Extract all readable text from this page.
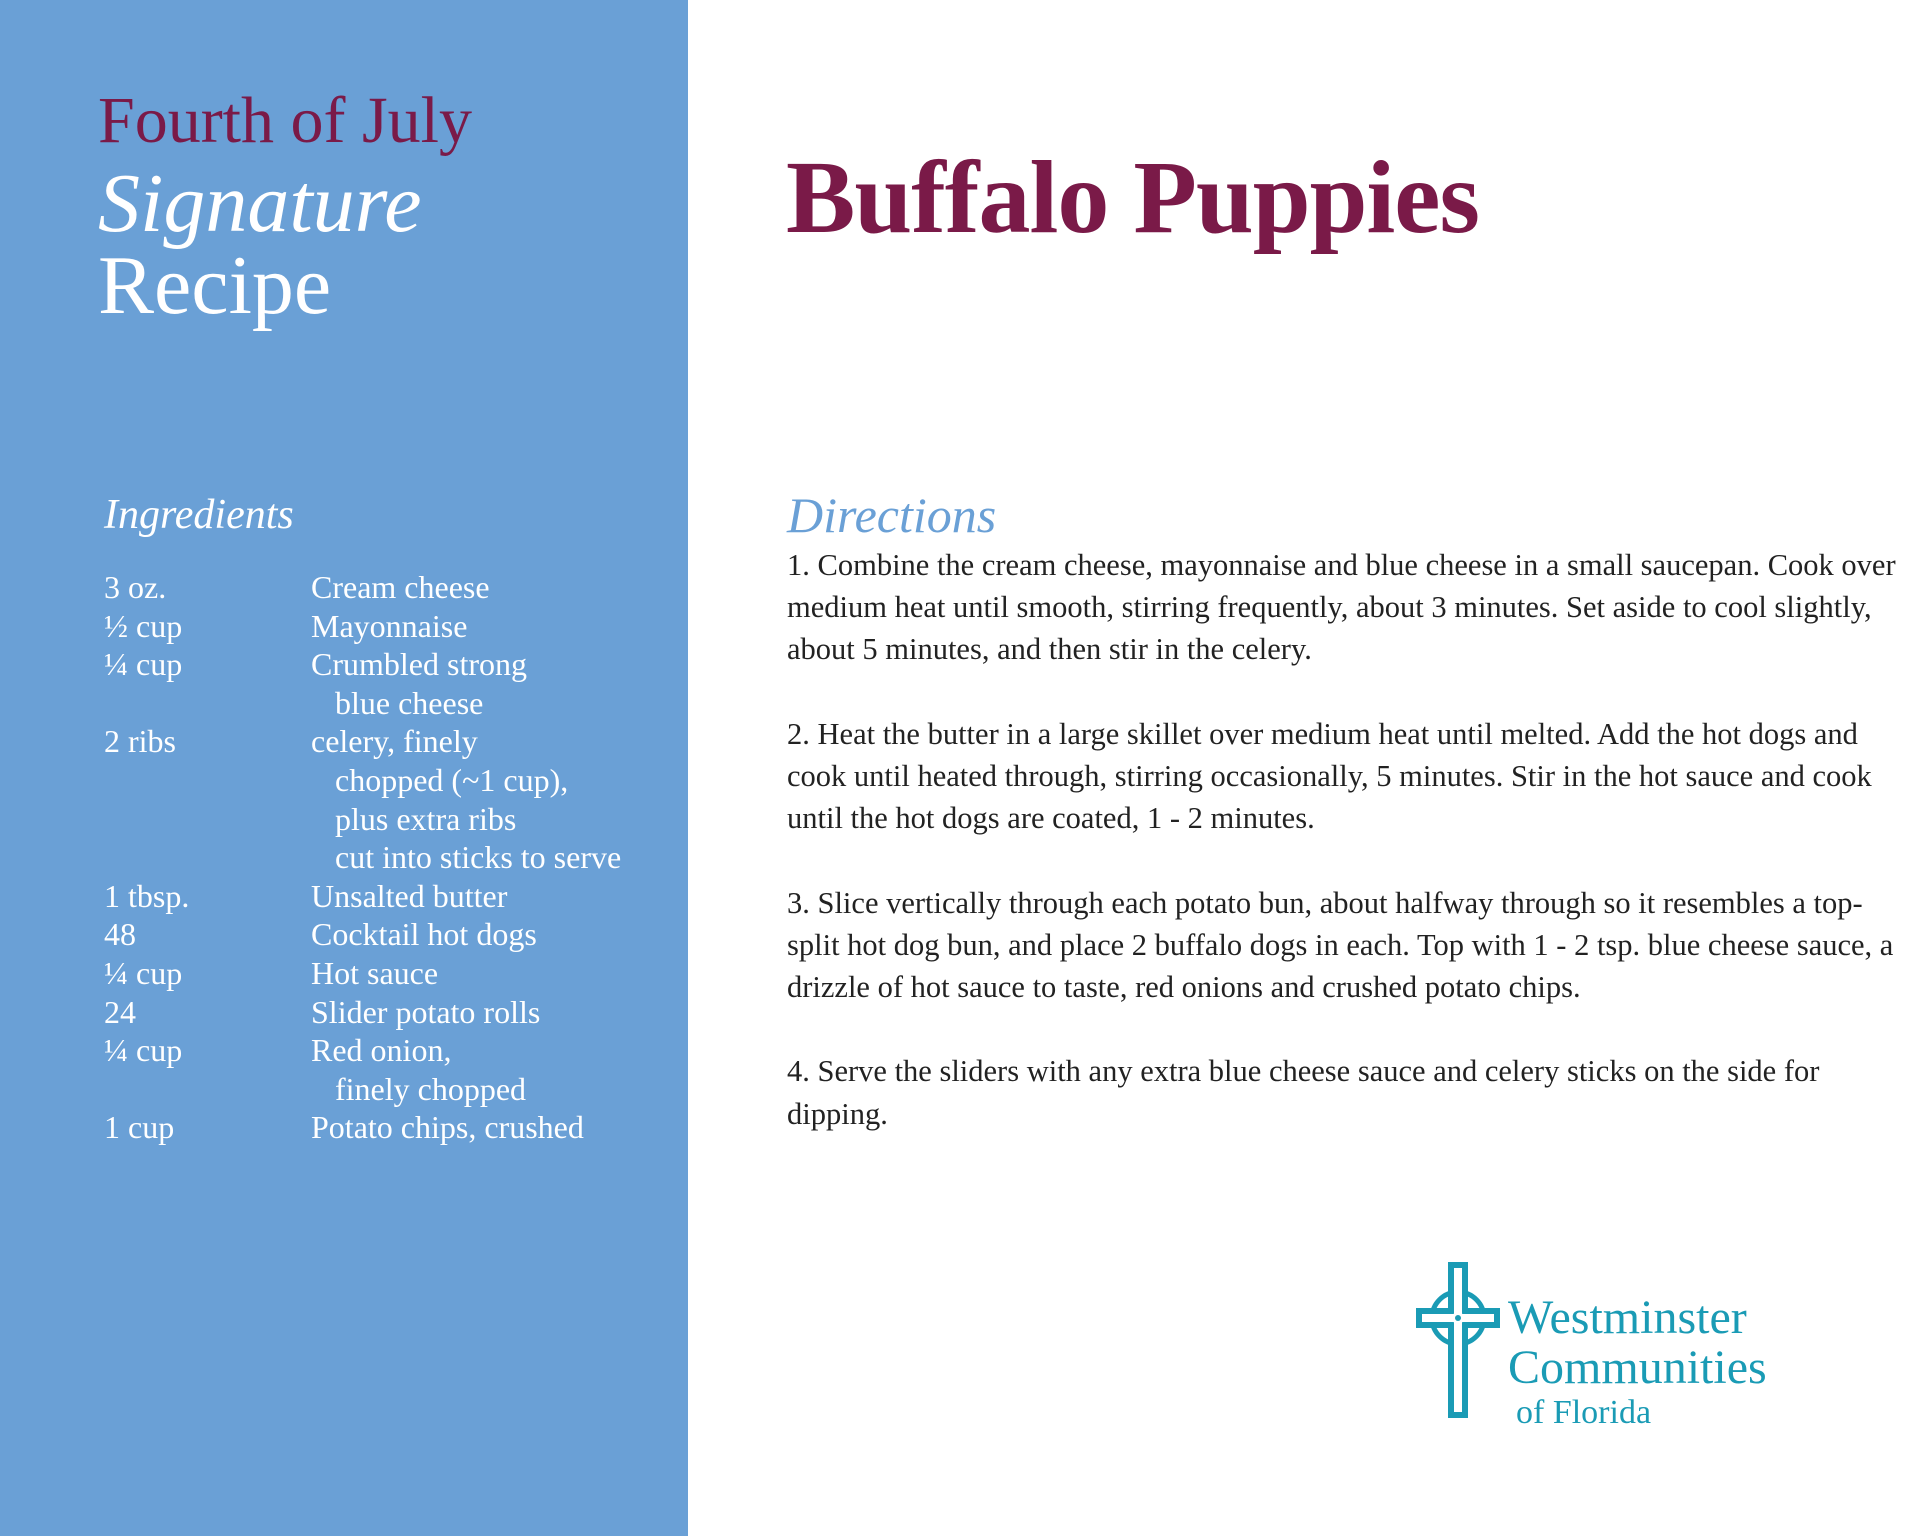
Fourth of July
Signature
Recipe
Ingredients
3 oz.	Cream cheese
½ cup	Mayonnaise
¼ cup	Crumbled strong
blue cheese
2 ribs	celery, finely
chopped (~1 cup),
plus extra ribs
cut into sticks to serve
1 tbsp.	Unsalted butter
48	Cocktail hot dogs
¼ cup	Hot sauce
24	Slider potato rolls
¼ cup	Red onion,
finely chopped
1 cup	Potato chips, crushed
Buffalo Puppies
Directions

1. Combine the cream cheese, mayonnaise and blue cheese in a small saucepan. Cook over medium heat until smooth, stirring frequently, about 3 minutes. Set aside to cool slightly, about 5 minutes, and then stir in the celery.

2. Heat the butter in a large skillet over medium heat until melted. Add the hot dogs and cook until heated through, stirring occasionally, 5 minutes. Stir in the hot sauce and cook until the hot dogs are coated, 1 - 2 minutes.

3. Slice vertically through each potato bun, about halfway through so it resembles a top-split hot dog bun, and place 2 buffalo dogs in each. Top with 1 - 2 tsp. blue cheese sauce, a drizzle of hot sauce to taste, red onions and crushed potato chips.

4. Serve the sliders with any extra blue cheese sauce and celery sticks on the side for dipping.

Westminster
Communities
of Florida
